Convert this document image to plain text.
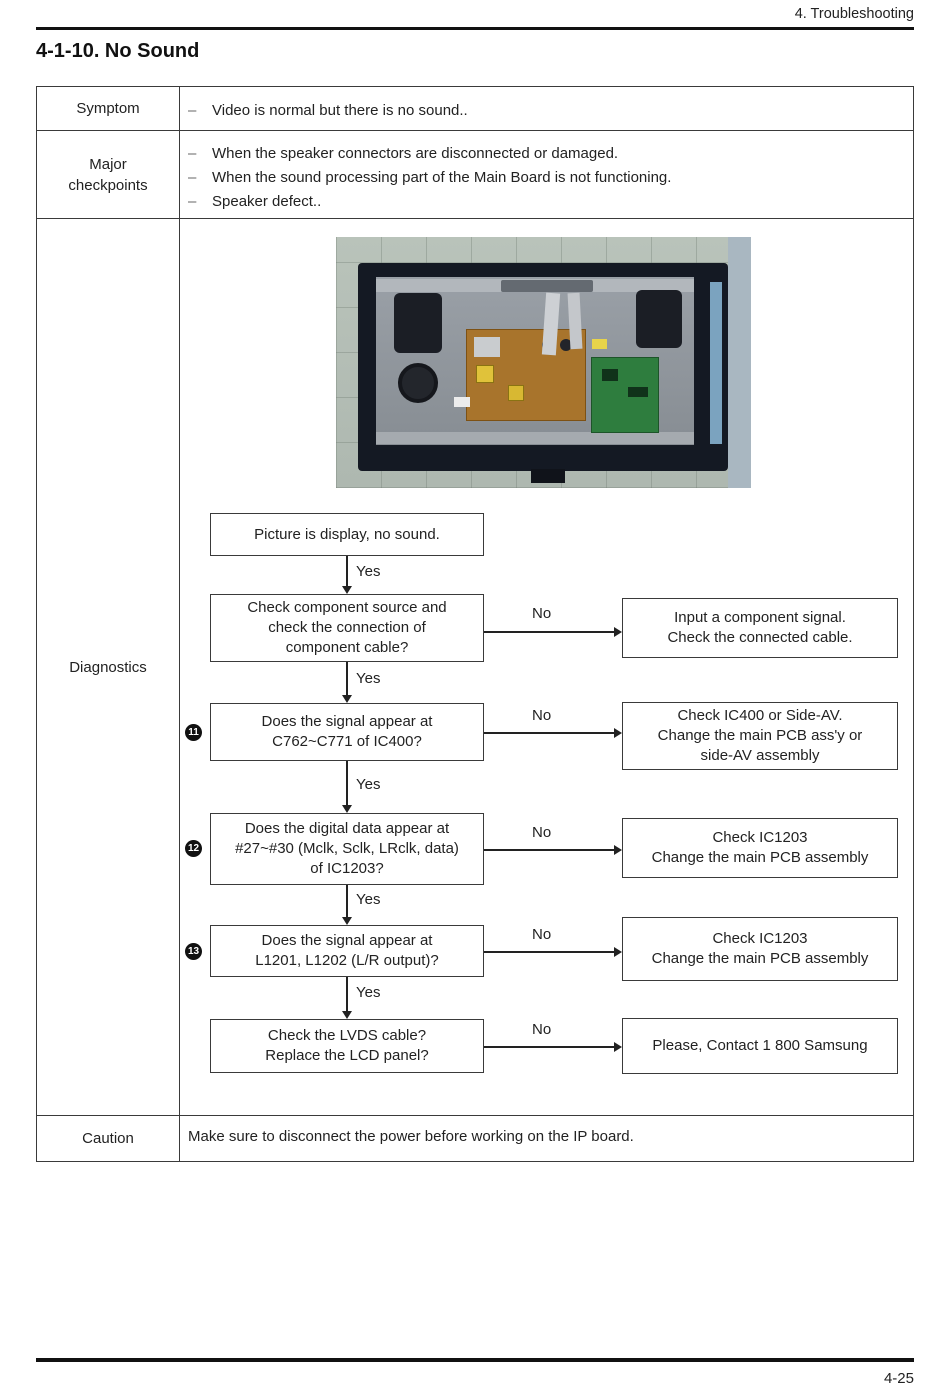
4. Troubleshooting
4-1-10. No Sound
Symptom	– Video is normal but there is no sound..
Major checkpoints
– When the speaker connectors are disconnected or damaged.
– When the sound processing part of the Main Board is not functioning.
– Speaker defect..
Diagnostics
Picture is display, no sound.
Yes
Check component source and
check the connection of
component cable?
No	Input a component signal.
Check the connected cable.
Yes
11
Does the signal appear at
C762~C771 of IC400?
No	Check IC400 or Side-AV.
Change the main PCB ass'y or
side-AV assembly
Yes
12
Does the digital data appear at
#27~#30 (Mclk, Sclk, LRclk, data)
of IC1203?
No	Check IC1203
Change the main PCB assembly
Yes
13
Does the signal appear at
L1201, L1202 (L/R output)?
No	Check IC1203
Change the main PCB assembly
Yes
Check the LVDS cable?
Replace the LCD panel?
No
Please, Contact 1 800 Samsung
Caution	Make sure to disconnect the power before working on the IP board.
4-25
